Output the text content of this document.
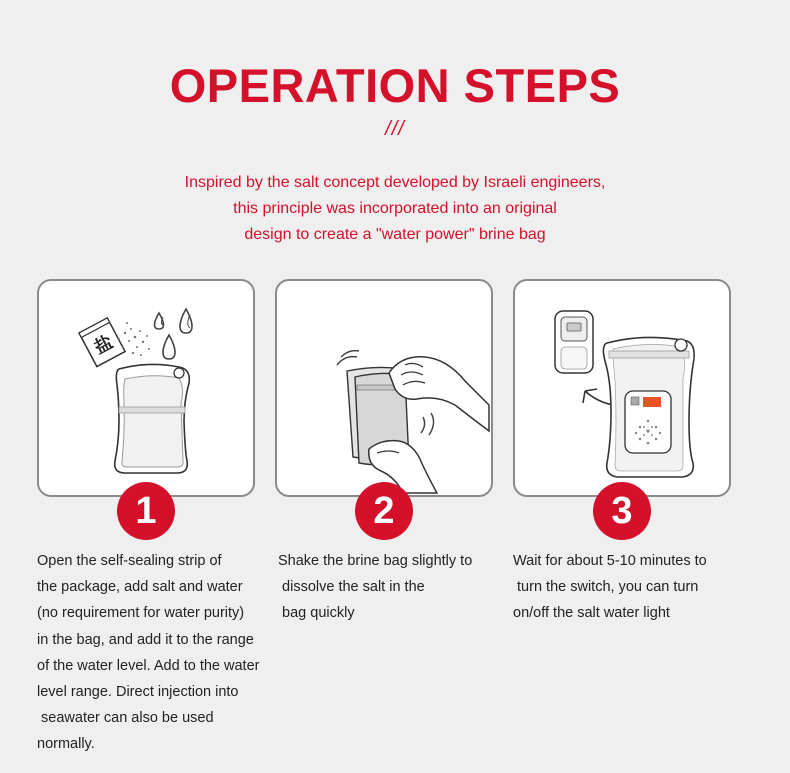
OPERATION STEPS
///
Inspired by the salt concept developed by Israeli engineers,
this principle was incorporated into an original
design to create a "water power" brine bag
盐
1	2	3
Open the self-sealing strip of
the package, add salt and water
(no requirement for water purity)
in the bag, and add it to the range
of the water level. Add to the water
level range. Direct injection into
seawater can also be used
normally.
Shake the brine bag slightly to
dissolve the salt in the
bag quickly
Wait for about 5-10 minutes to
turn the switch, you can turn
on/off the salt water light
